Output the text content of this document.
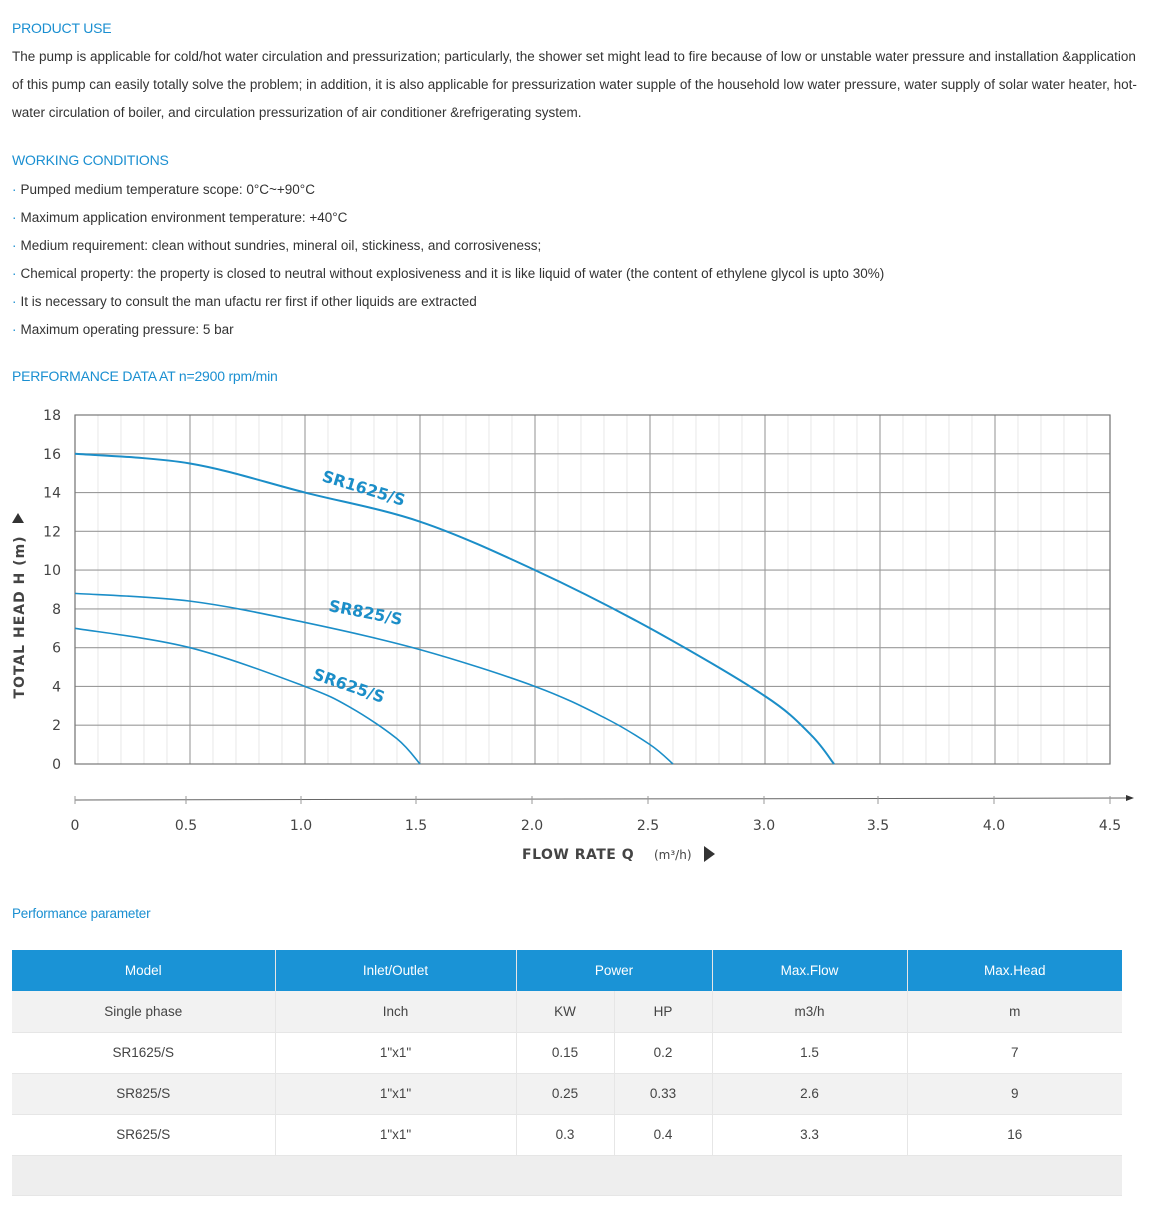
PRODUCT USE
The pump is applicable for cold/hot water circulation and pressurization; particularly, the shower set might lead to fire because of low or unstable water pressure and installation &application of this pump can easily totally solve the problem; in addition, it is also applicable for pressurization water supple of the household low water pressure, water supply of solar water heater, hot-water circulation of boiler, and circulation pressurization of air conditioner &refrigerating system.
WORKING CONDITIONS
· Pumped medium temperature scope: 0°C~+90°C
· Maximum application environment temperature: +40°C
· Medium requirement: clean without sundries, mineral oil, stickiness, and corrosiveness;
· Chemical property: the property is closed to neutral without explosiveness and it is like liquid of water (the content of ethylene glycol is upto 30%)
· It is necessary to consult the man ufactu rer first if other liquids are extracted
· Maximum operating pressure: 5 bar
PERFORMANCE DATA AT n=2900 rpm/min
0
2
4
6
8
10
12
14
16
18
0	0.5	1.0	1.5	2.0	2.5	3.0	3.5	4.0	4.5
SR1625/S
SR825/S
SR625/S
TOTAL HEAD H (m)
FLOW RATE Q (m³/h)
Performance parameter
Model	Inlet/Outlet	Power		Max.Flow	Max.Head
Single phase	Inch	KW	HP	m3/h	m
SR1625/S	1"x1"	0.15	0.2	1.5	7
SR825/S	1"x1"	0.25	0.33	2.6	9
SR625/S	1"x1"	0.3	0.4	3.3	16
